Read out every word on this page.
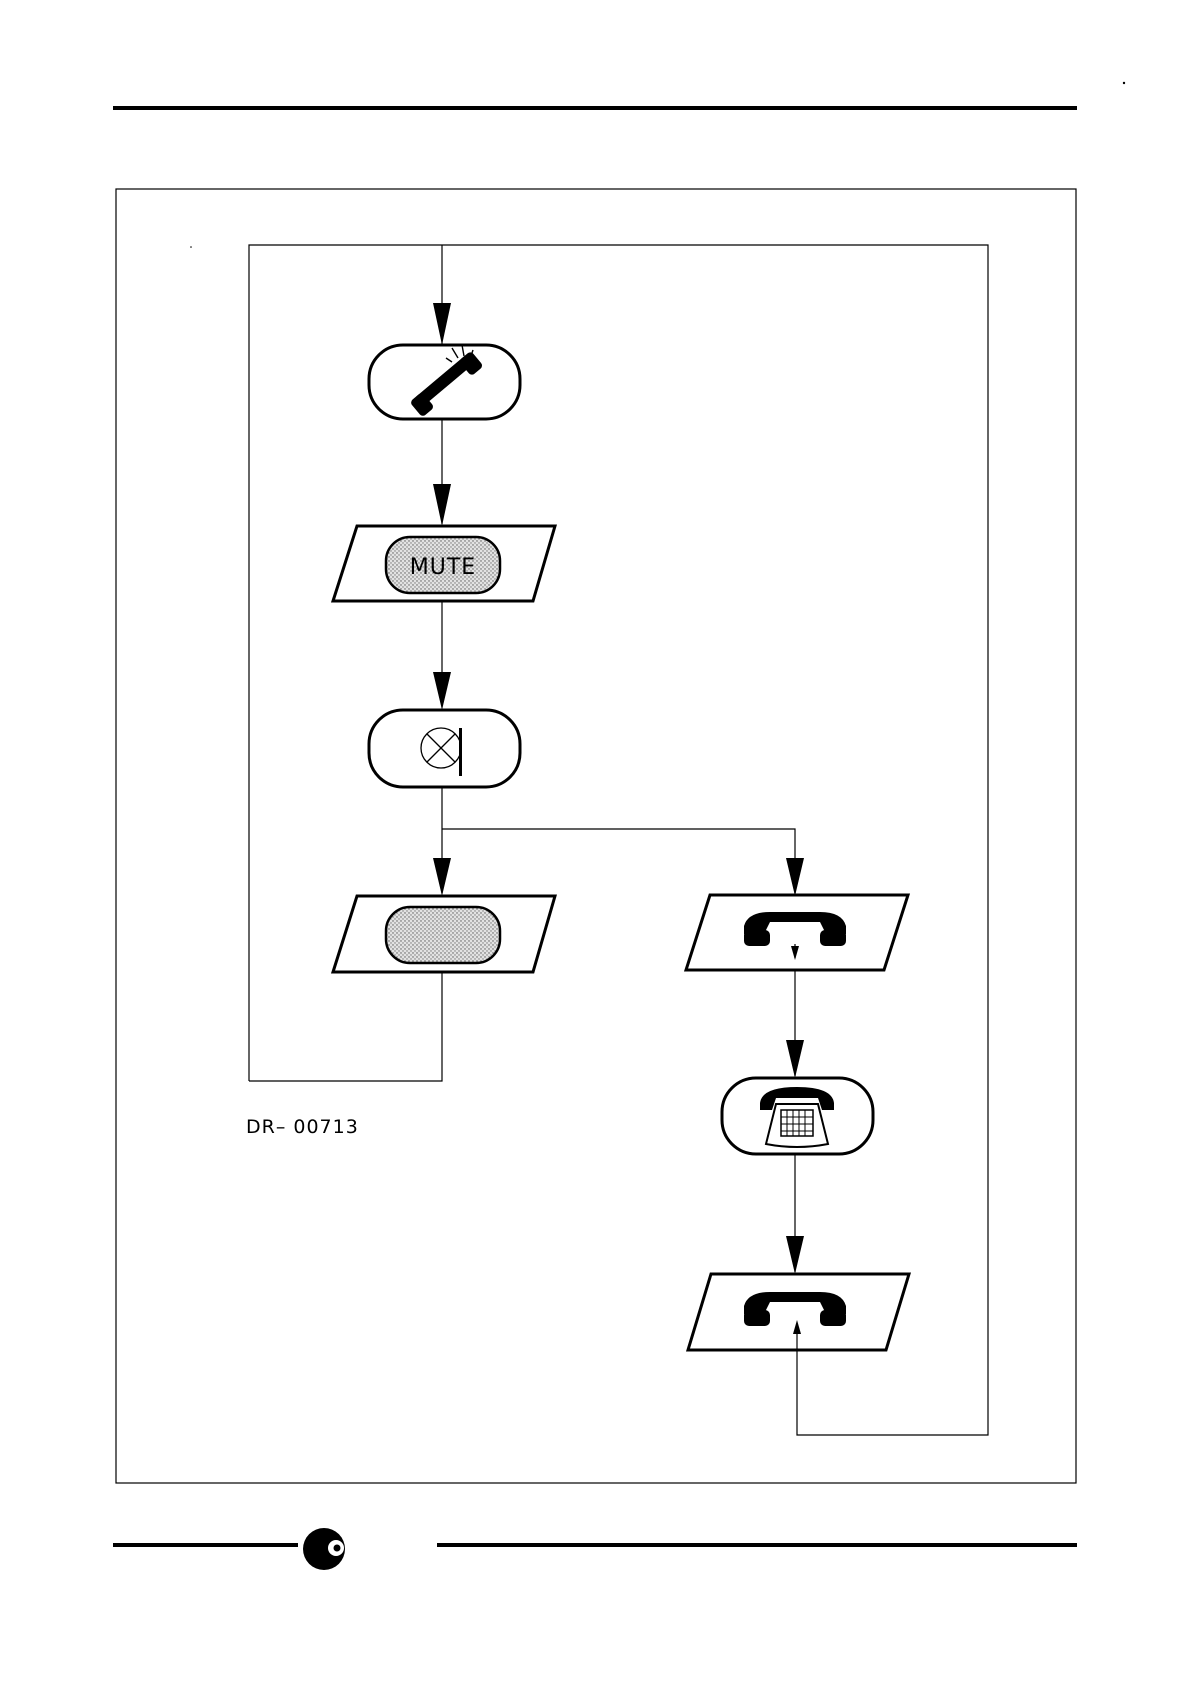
MUTE
DR– 00713
